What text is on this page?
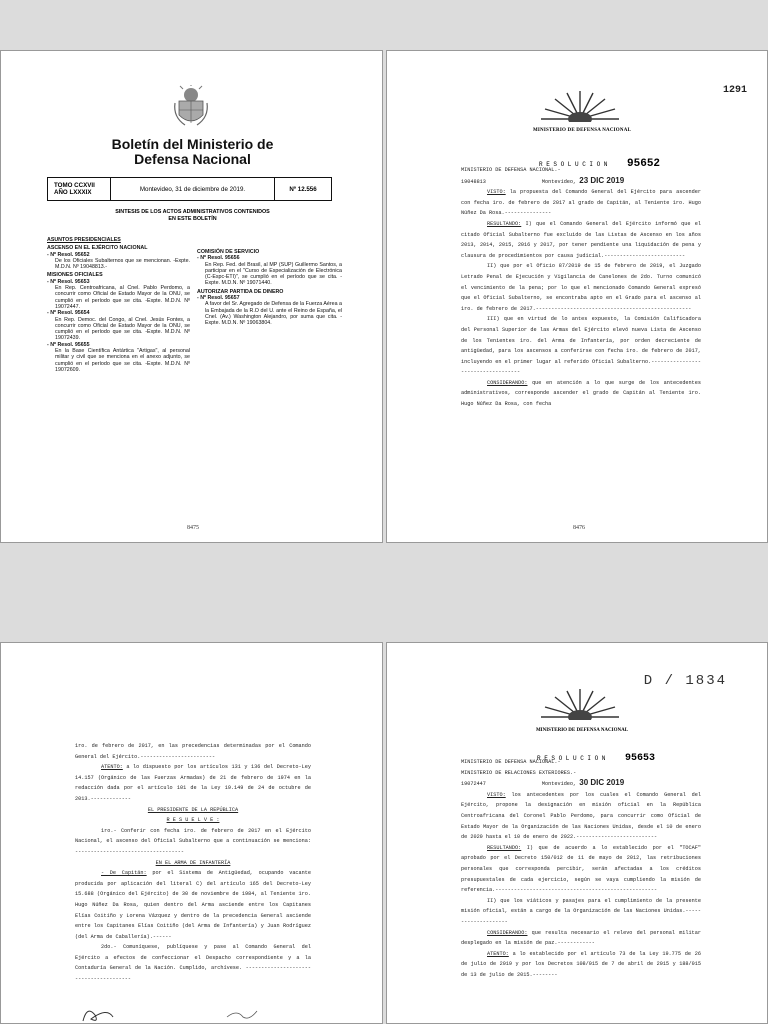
Boletín del Ministerio de
Defensa Nacional
TOMO CCXVII
AÑO LXXXIX	Montevideo, 31 de diciembre de 2019.	Nº 12.556
SINTESIS DE LOS ACTOS ADMINISTRATIVOS CONTENIDOS
EN ESTE BOLETÍN
ASUNTOS PRESIDENCIALES
ASCENSO EN EL EJÉRCITO NACIONAL
- Nº Resol. 95652
De los Oficiales Subalternos que se mencionan. -Expte. M.D.N. Nº 19048813.-
MISIONES OFICIALES
- Nº Resol. 95653
En Rep. Centroafricana, al Cnel. Pablo Perdomo, a concurrir como Oficial de Estado Mayor de la ONU, se cumplió en el período que se cita. -Expte. M.D.N. Nº 19072447.
- Nº Resol. 95654
En Rep. Democ. del Congo, al Cnel. Jesús Fontes, a concurrir como Oficial de Estado Mayor de la ONU, se cumplió en el período que se cita. -Expte. M.D.N. Nº 19072439.
- Nº Resol. 95655
En la Base Científica Antártica "Artigas", al personal militar y civil que se menciona en el anexo adjunto, se cumplió en el período que se cita. -Expte. M.D.N. Nº 19072609.
COMISIÓN DE SERVICIO
- Nº Resol. 95656
En Rep. Fed. del Brasil, al MP (SUP) Guillermo Santos, a participar en el "Curso de Especialización de Electrónica (C-Espc-ETI)", se cumplió en el período que se cita. -Expte. M.D.N. Nº 19071440.
AUTORIZAR PARTIDA DE DINERO
- Nº Resol. 95657
A favor del Sr. Agregado de Defensa de la Fuerza Aérea a la Embajada de la R.O del U. ante el Reino de España, el Cnel. (Av.) Washington Alejandro, por suma que cita. -Expte. M.D.N. Nº 19063804.
8475
1291
MINISTERIO DE DEFENSA NACIONAL
R E S O L U C I O N 95652

MINISTERIO DE DEFENSA NACIONAL.-

19048813	Montevideo, 23 DIC 2019

VISTO: la propuesta del Comando General del Ejército para ascender con fecha 1ro. de febrero de 2017 al grado de Capitán, al Teniente 1ro. Hugo Núñez Da Rosa.---------------

RESULTANDO: I) que el Comando General del Ejército informó que el citado Oficial Subalterno fue excluido de las Listas de Ascenso en los años 2013, 2014, 2015, 2016 y 2017, por tener pendiente una liquidación de pena y clausura de procedimientos por causa judicial.--------------------------

II) que por el Oficio 87/2019 de 15 de febrero de 2019, el Juzgado Letrado Penal de Ejecución y Vigilancia de Canelones de 2do. Turno comunicó el vencimiento de la pena; por lo que el mencionado Comando General expresó que el Oficial Subalterno, se encontraba apto en el Grado para el ascenso al 1ro. de febrero de 2017.--------------------------------------------------

III) que en virtud de lo antes expuesto, la Comisión Calificadora del Personal Superior de las Armas del Ejército elevó nueva Lista de Ascenso de los Tenientes 1ro. del Arma de Infantería, por orden decreciente de antigüedad, para los ascensos a conferirse con fecha 1ro. de febrero de 2017, incluyendo en el primer lugar al referido Oficial Subalterno.-----------------------------------

CONSIDERANDO: que en atención a lo que surge de los antecedentes administrativos, corresponde ascender el grado de Capitán al Teniente 1ro. Hugo Núñez Da Rosa, con fecha

8476

1ro. de febrero de 2017, en las precedencias determinadas por el Comando General del Ejército.------------------------

ATENTO: a lo dispuesto por los artículos 131 y 136 del Decreto-Ley 14.157 (Orgánico de las Fuerzas Armadas) de 21 de febrero de 1974 en la redacción dada por el artículo 101 de la Ley 19.149 de 24 de octubre de 2013.-------------

EL PRESIDENTE DE LA REPÚBLICA

R E S U E L V E :

1ro.- Conferir con fecha 1ro. de febrero de 2017 en el Ejército Nacional, el ascenso del Oficial Subalterno que a continuación se menciona: -----------------------------------

EN EL ARMA DE INFANTERÍA

- De Capitán: por el Sistema de Antigüedad, ocupando vacante producida por aplicación del literal C) del artículo 165 del Decreto-Ley 15.688 (Orgánico del Ejército) de 30 de noviembre de 1984, al Teniente 1ro. Hugo Núñez Da Rosa, quien dentro del Arma asciende entre los Capitanes Elías Coitiño y Lorena Vázquez y dentro de la precedencia General asciende entre los Capitanes Elías Coitiño (del Arma de Infantería) y Juan Rodríguez (del Arma de Caballería).------

2do.- Comuníquese, publíquese y pase al Comando General del Ejército a efectos de confeccionar el Despacho correspondiente y a la Contaduría General de la Nación. Cumplido, archívese. ---------------------------------------

D / 1834
MINISTERIO DE DEFENSA NACIONAL
R E S O L U C I O N 95653

MINISTERIO DE DEFENSA NACIONAL.-

MINISTERIO DE RELACIONES EXTERIORES.-

19072447	Montevideo, 30 DIC 2019

VISTO: los antecedentes por los cuales el Comando General del Ejército, propone la designación en misión oficial en la República Centroafricana del Coronel Pablo Perdomo, para concurrir como Oficial de Estado Mayor de la Organización de las Naciones Unidas, desde el 10 de enero de 2020 hasta el 10 de enero de 2022.--------------------------

RESULTANDO: I) que de acuerdo a lo establecido por el "TOCAF" aprobado por el Decreto 150/012 de 11 de mayo de 2012, las retribuciones personales que corresponda percibir, serán afectadas a los créditos presupuestales de cada ejercicio, según se vaya cumpliendo la misión de referencia.----------------------------------------------------

II) que los viáticos y pasajes para el cumplimiento de la presente misión oficial, están a cargo de la Organización de las Naciones Unidas.--------------------

CONSIDERANDO: que resulta necesario el relevo del personal militar desplegado en la misión de paz.------------

ATENTO: a lo establecido por el artículo 73 de la Ley 19.775 de 26 de julio de 2019 y por los Decretos 108/015 de 7 de abril de 2015 y 188/015 de 13 de julio de 2015.--------
